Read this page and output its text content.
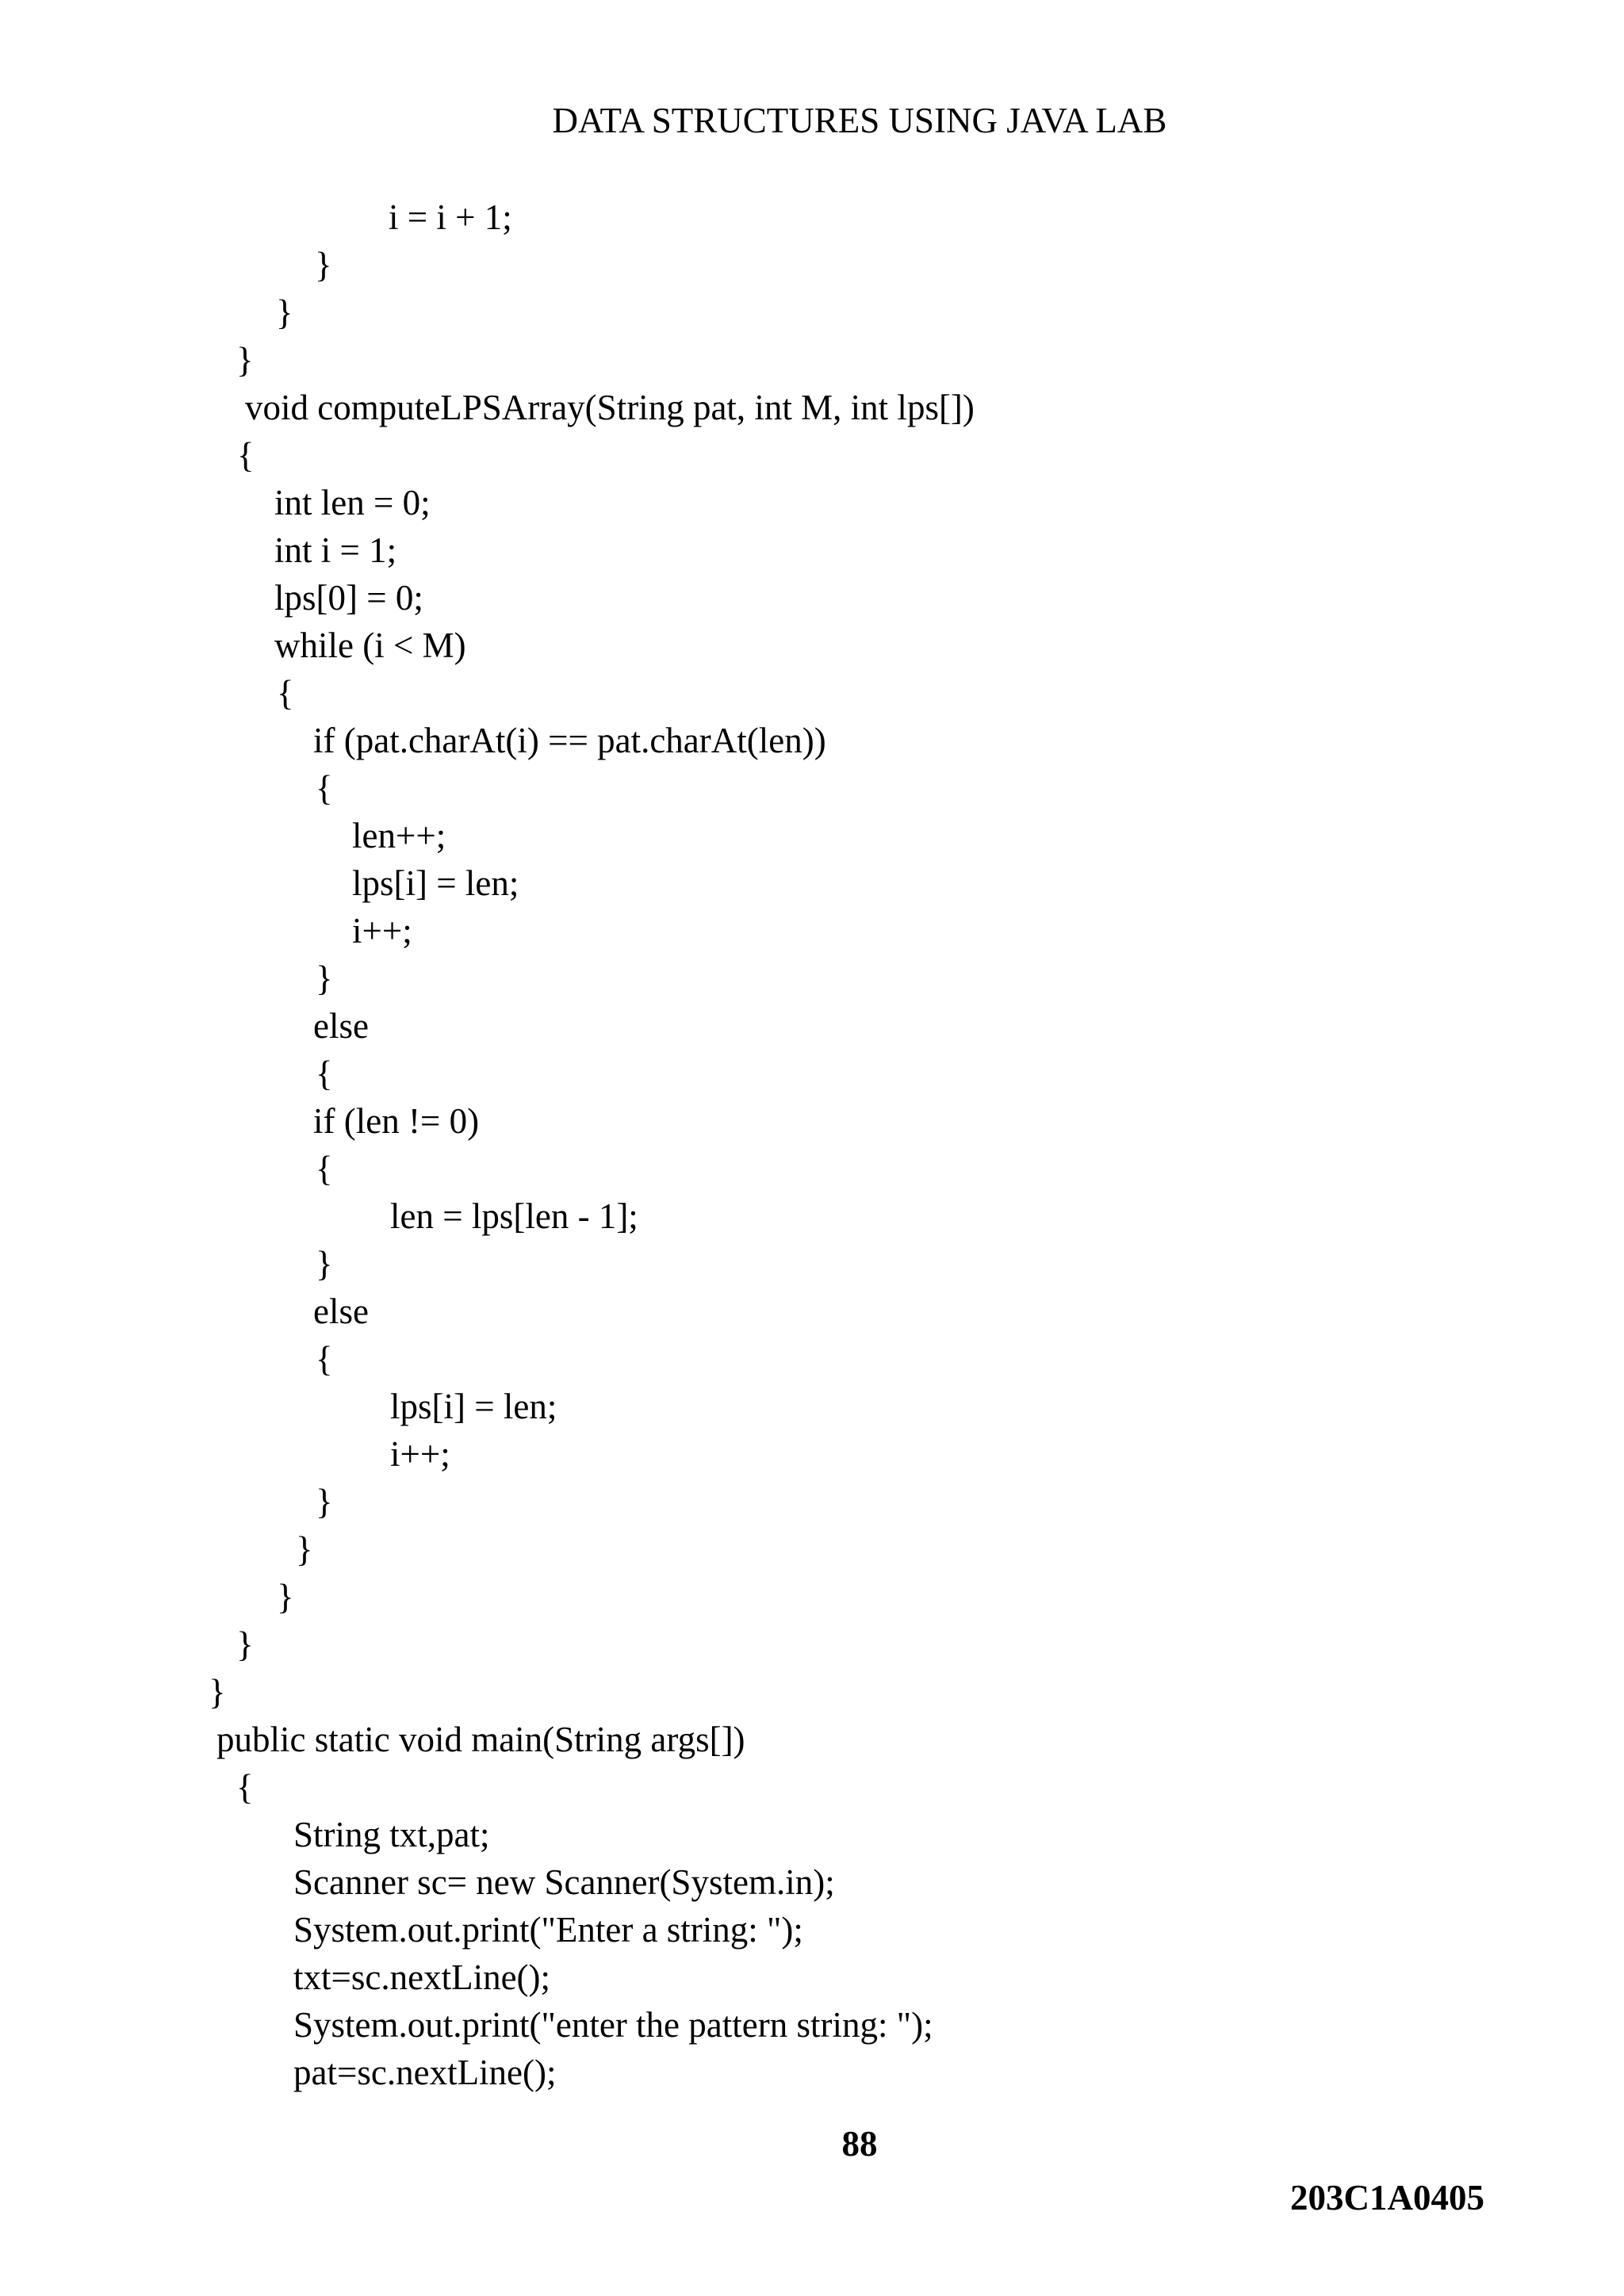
DATA STRUCTURES USING JAVA LAB
i = i + 1;
}
}
}
void computeLPSArray(String pat, int M, int lps[])
{
int len = 0;
int i = 1;
lps[0] = 0;
while (i < M)
{
if (pat.charAt(i) == pat.charAt(len))
{
len++;
lps[i] = len;
i++;
}
else
{
if (len != 0)
{
len = lps[len - 1];
}
else
{
lps[i] = len;
i++;
}
}
}
}
}
public static void main(String args[])
{
String txt,pat;
Scanner sc= new Scanner(System.in);
System.out.print("Enter a string: ");
txt=sc.nextLine();
System.out.print("enter the pattern string: ");
pat=sc.nextLine();
88
203C1A0405
